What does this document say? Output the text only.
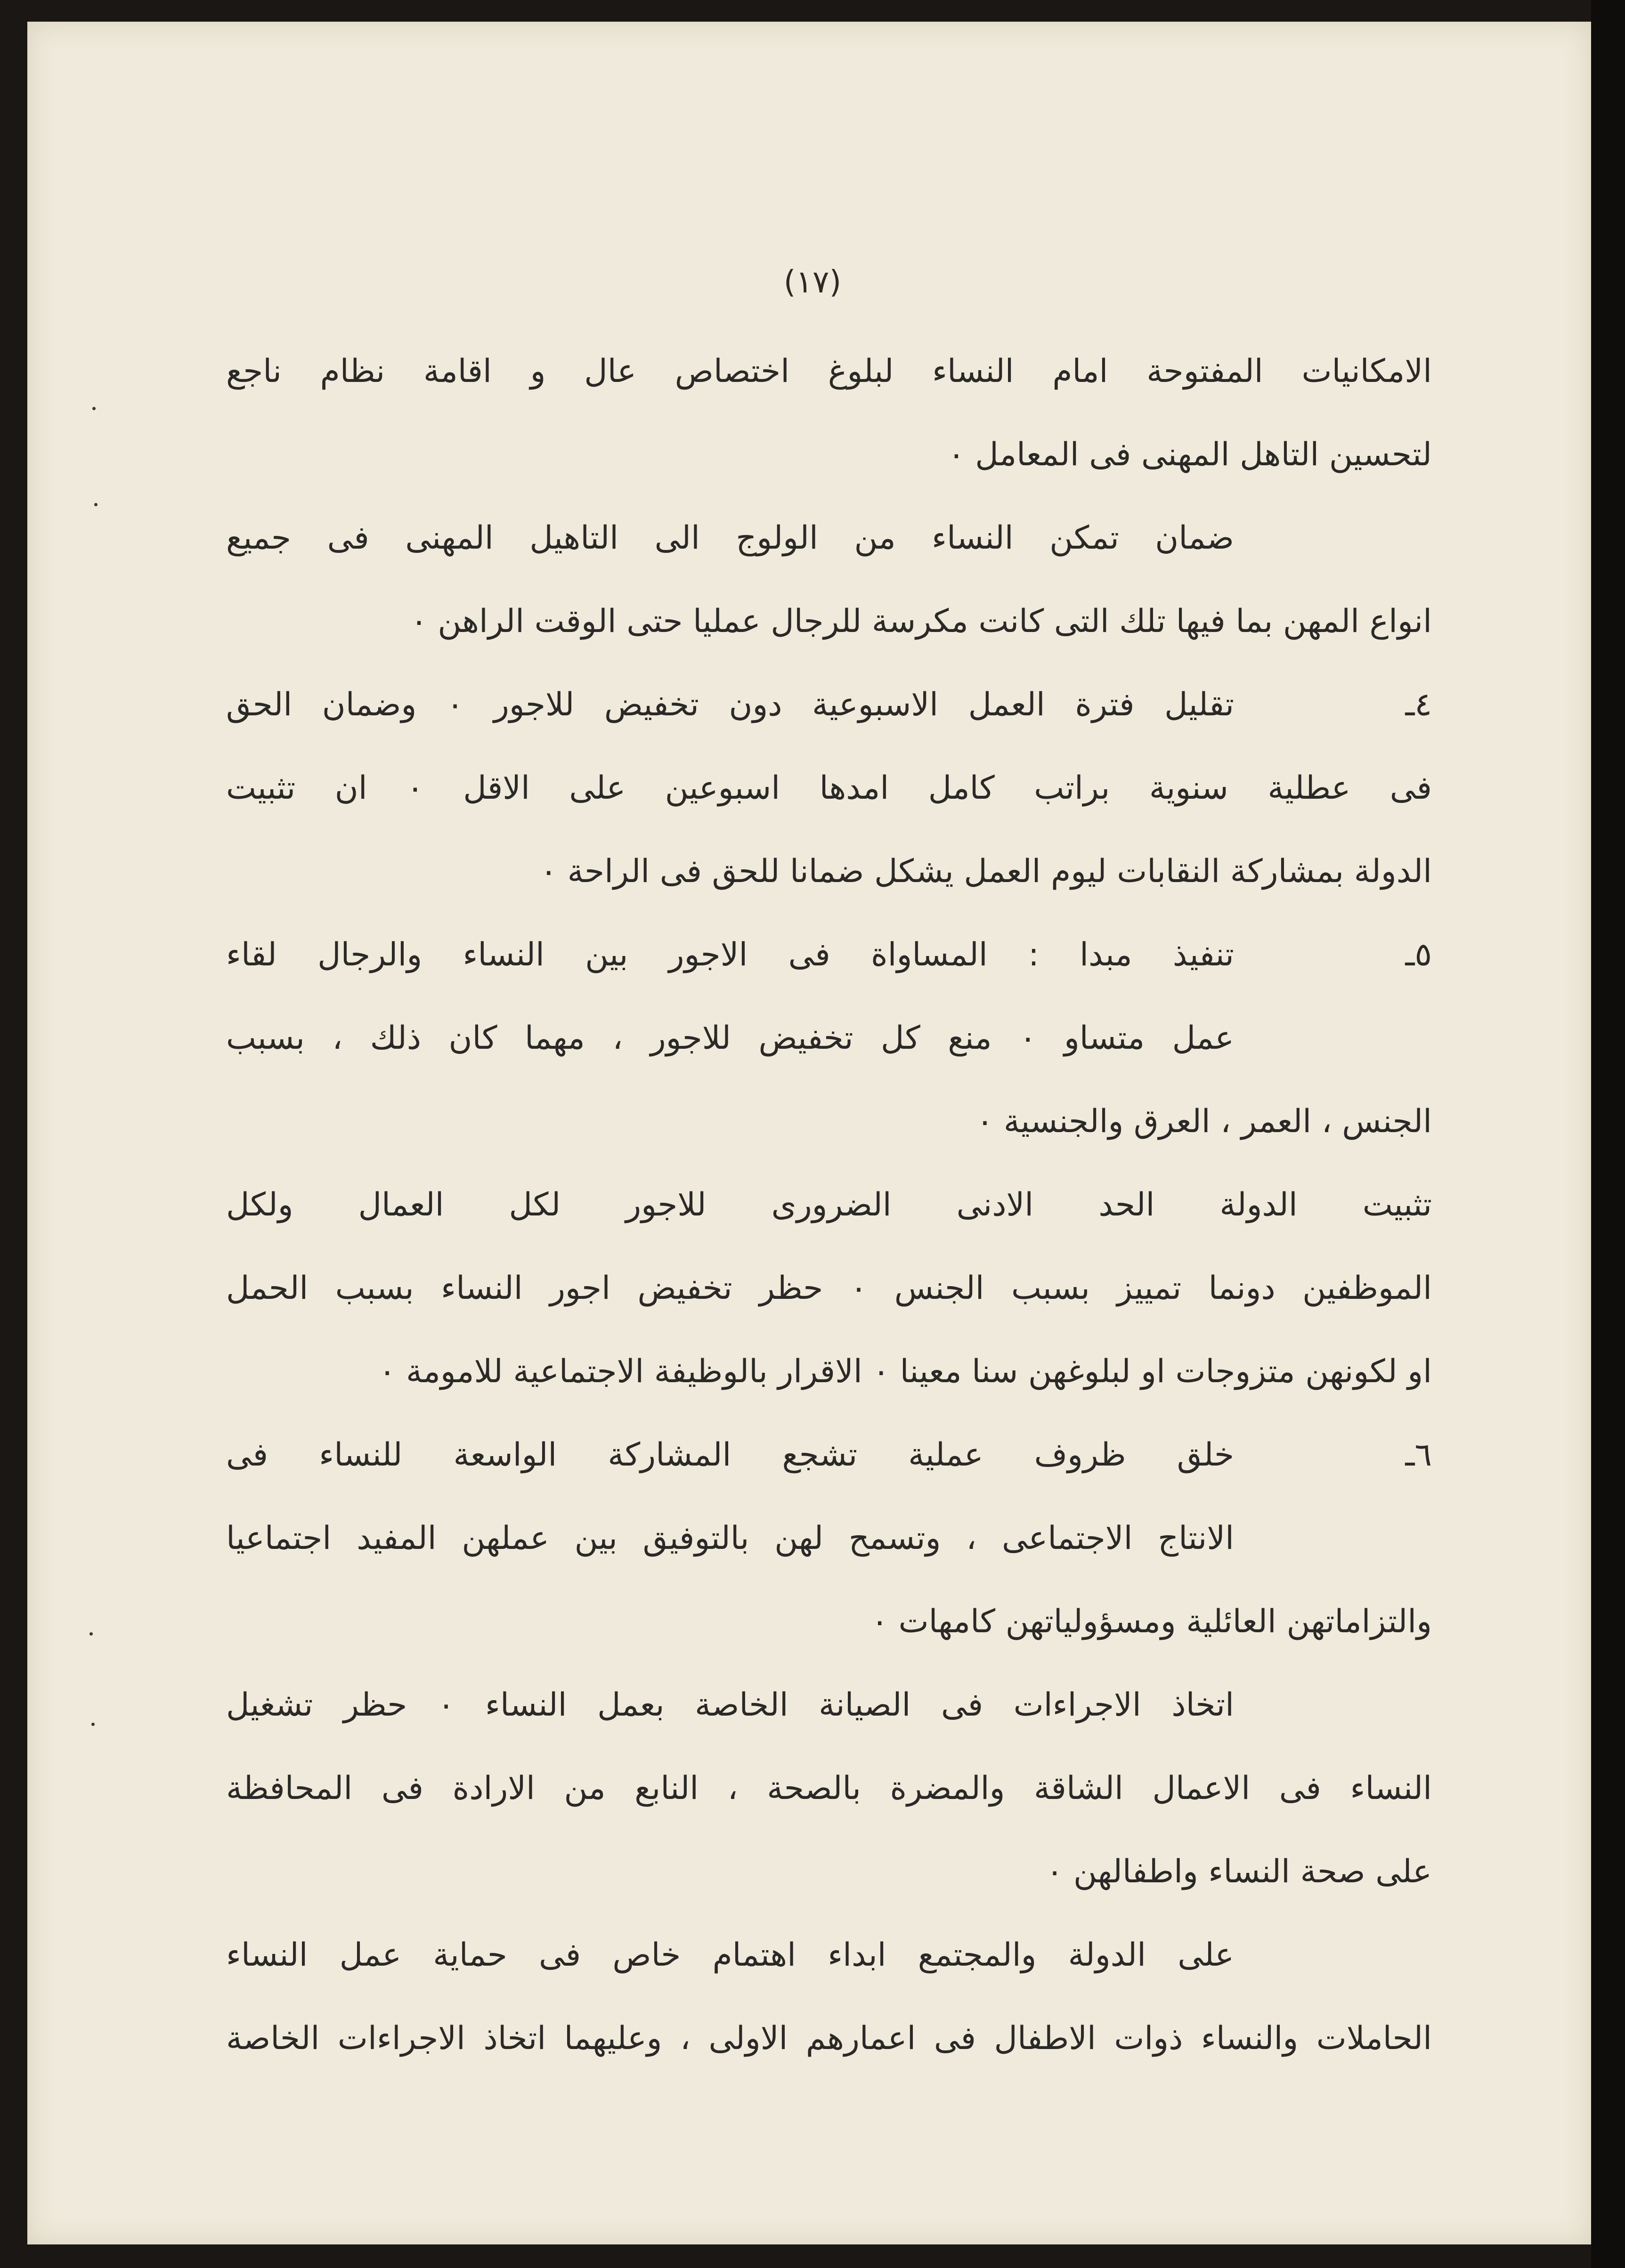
(١٧)
الامكانيات المفتوحة امام النساء لبلوغ اختصاص عال و اقامة نظام ناجع
لتحسين التاهل المهنى فى المعامل ٠
ضمان تمكن النساء من الولوج الى التاهيل المهنى فى جميع
انواع المهن بما فيها تلك التى كانت مكرسة للرجال عمليا حتى الوقت الراهن ٠
٤ـتقليل فترة العمل الاسبوعية دون تخفيض للاجور ٠ وضمان الحق
فى عطلية سنوية براتب كامل امدها اسبوعين على الاقل ٠ ان تثبيت
الدولة بمشاركة النقابات ليوم العمل يشكل ضمانا للحق فى الراحة ٠
٥ـتنفيذ مبدا : المساواة فى الاجور بين النساء والرجال لقاء
عمل متساو ٠ منع كل تخفيض للاجور ، مهما كان ذلك ، بسبب
الجنس ، العمر ، العرق والجنسية ٠
تثبيت الدولة الحد الادنى الضرورى للاجور لكل العمال ولكل
الموظفين دونما تمييز بسبب الجنس ٠ حظر تخفيض اجور النساء بسبب الحمل
او لكونهن متزوجات او لبلوغهن سنا معينا ٠ الاقرار بالوظيفة الاجتماعية للامومة ٠
٦ـخلق ظروف عملية تشجع المشاركة الواسعة للنساء فى
الانتاج الاجتماعى ، وتسمح لهن بالتوفيق بين عملهن المفيد اجتماعيا
والتزاماتهن العائلية ومسؤولياتهن كامهات ٠
اتخاذ الاجراءات فى الصيانة الخاصة بعمل النساء ٠ حظر تشغيل
النساء فى الاعمال الشاقة والمضرة بالصحة ، النابع من الارادة فى المحافظة
على صحة النساء واطفالهن ٠
على الدولة والمجتمع ابداء اهتمام خاص فى حماية عمل النساء
الحاملات والنساء ذوات الاطفال فى اعمارهم الاولى ، وعليهما اتخاذ الاجراءات الخاصة
